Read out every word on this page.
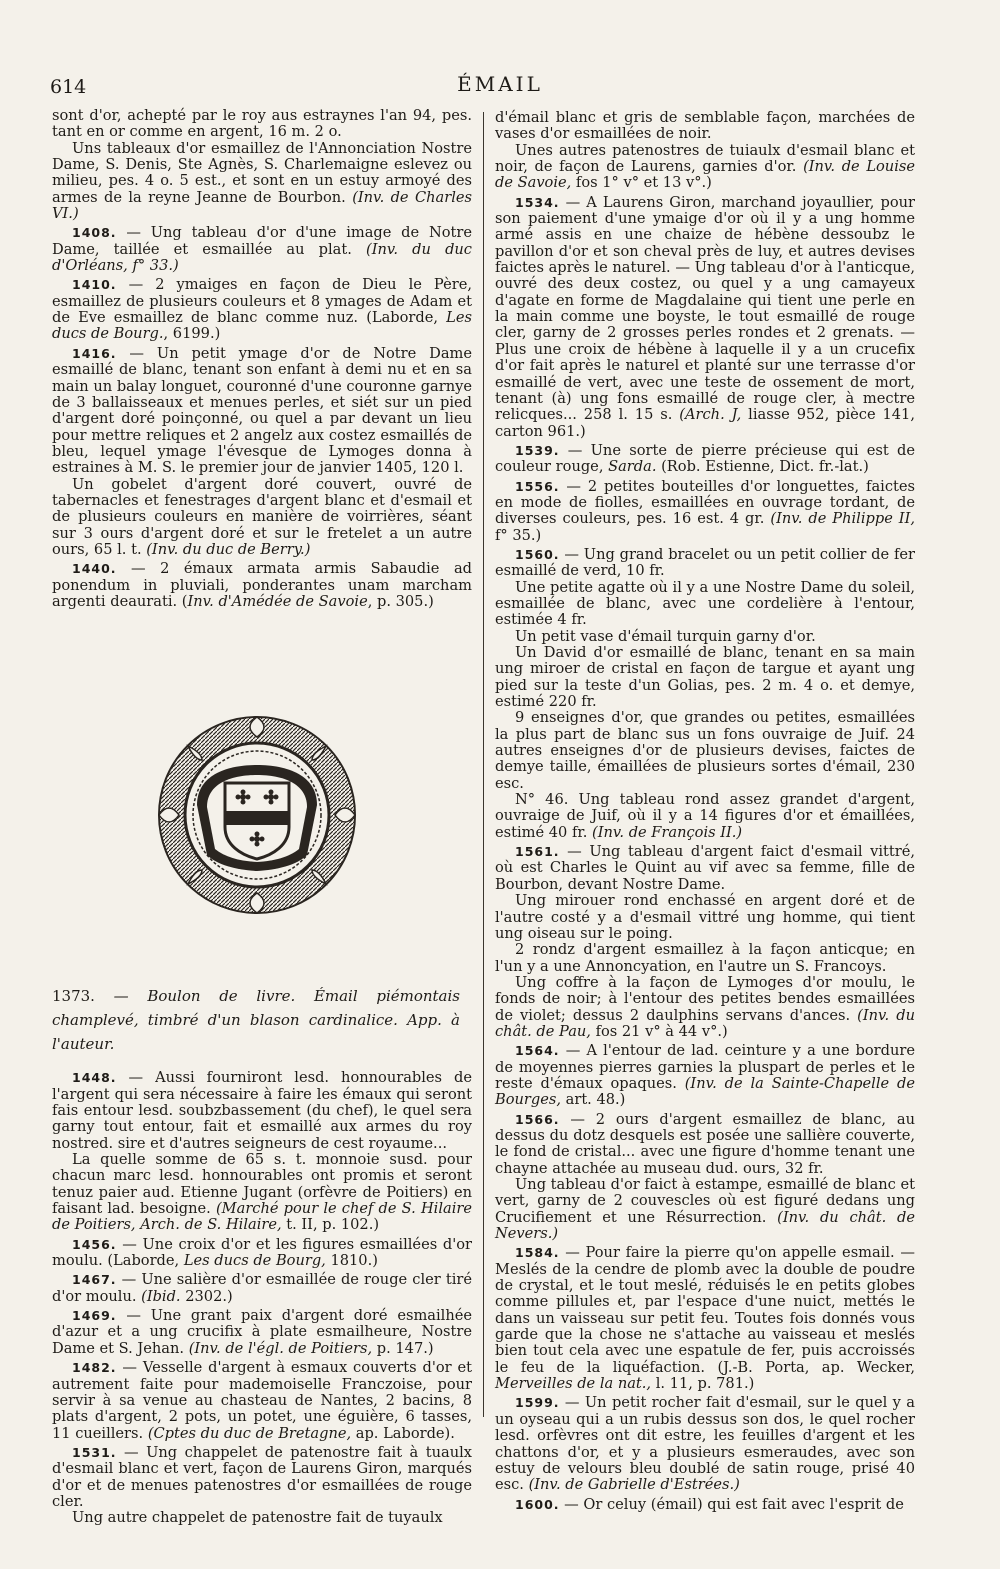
614	ÉMAIL

sont d'or, achepté par le roy aus estraynes l'an 94, pes. tant en or comme en argent, 16 m. 2 o.

Uns tableaux d'or esmaillez de l'Annonciation Nostre Dame, S. Denis, Ste Agnès, S. Charlemaigne eslevez ou milieu, pes. 4 o. 5 est., et sont en un estuy armoyé des armes de la reyne Jeanne de Bourbon. (Inv. de Charles VI.)

1408. — Ung tableau d'or d'une image de Notre Dame, taillée et esmaillée au plat. (Inv. du duc d'Orléans, f° 33.)

1410. — 2 ymaiges en façon de Dieu le Père, esmaillez de plusieurs couleurs et 8 ymages de Adam et de Eve esmaillez de blanc comme nuz. (Laborde, Les ducs de Bourg., 6199.)

1416. — Un petit ymage d'or de Notre Dame esmaillé de blanc, tenant son enfant à demi nu et en sa main un balay longuet, couronné d'une couronne garnye de 3 ballaisseaux et menues perles, et siét sur un pied d'argent doré poinçonné, ou quel a par devant un lieu pour mettre reliques et 2 angelz aux costez esmaillés de bleu, lequel ymage l'évesque de Lymoges donna à estraines à M. S. le premier jour de janvier 1405, 120 l.

Un gobelet d'argent doré couvert, ouvré de tabernacles et fenestrages d'argent blanc et d'esmail et de plusieurs couleurs en manière de voirrières, séant sur 3 ours d'argent doré et sur le fretelet a un autre ours, 65 l. t. (Inv. du duc de Berry.)

1440. — 2 émaux armata armis Sabaudie ad ponendum in pluviali, ponderantes unam marcham argenti deaurati. (Inv. d'Amédée de Savoie, p. 305.)

1373. — Boulon de livre. Émail piémontais champlevé, timbré d'un blason cardinalice. App. à l'auteur.

1448. — Aussi fourniront lesd. honnourables de l'argent qui sera nécessaire à faire les émaux qui seront fais entour lesd. soubzbassement (du chef), le quel sera garny tout entour, fait et esmaillé aux armes du roy nostred. sire et d'autres seigneurs de cest royaume...

La quelle somme de 65 s. t. monnoie susd. pour chacun marc lesd. honnourables ont promis et seront tenuz paier aud. Etienne Jugant (orfèvre de Poitiers) en faisant lad. besoigne. (Marché pour le chef de S. Hilaire de Poitiers, Arch. de S. Hilaire, t. II, p. 102.)

1456. — Une croix d'or et les figures esmaillées d'or moulu. (Laborde, Les ducs de Bourg, 1810.)

1467. — Une salière d'or esmaillée de rouge cler tiré d'or moulu. (Ibid. 2302.)

1469. — Une grant paix d'argent doré esmailhée d'azur et a ung crucifix à plate esmailheure, Nostre Dame et S. Jehan. (Inv. de l'égl. de Poitiers, p. 147.)

1482. — Vesselle d'argent à esmaux couverts d'or et autrement faite pour mademoiselle Franczoise, pour servir à sa venue au chasteau de Nantes, 2 bacins, 8 plats d'argent, 2 pots, un potet, une éguière, 6 tasses, 11 cueillers. (Cptes du duc de Bretagne, ap. Laborde).

1531. — Ung chappelet de patenostre fait à tuaulx d'esmail blanc et vert, façon de Laurens Giron, marqués d'or et de menues patenostres d'or esmaillées de rouge cler.

Ung autre chappelet de patenostre fait de tuyaulx

d'émail blanc et gris de semblable façon, marchées de vases d'or esmaillées de noir.

Unes autres patenostres de tuiaulx d'esmail blanc et noir, de façon de Laurens, garnies d'or. (Inv. de Louise de Savoie, fos 1° v° et 13 v°.)

1534. — A Laurens Giron, marchand joyaullier, pour son paiement d'une ymaige d'or où il y a ung homme armé assis en une chaize de hébène dessoubz le pavillon d'or et son cheval près de luy, et autres devises faictes après le naturel. — Ung tableau d'or à l'anticque, ouvré des deux costez, ou quel y a ung camayeux d'agate en forme de Magdalaine qui tient une perle en la main comme une boyste, le tout esmaillé de rouge cler, garny de 2 grosses perles rondes et 2 grenats. — Plus une croix de hébène à laquelle il y a un crucefix d'or fait après le naturel et planté sur une terrasse d'or esmaillé de vert, avec une teste de ossement de mort, tenant (à) ung fons esmaillé de rouge cler, à mectre relicques... 258 l. 15 s. (Arch. J, liasse 952, pièce 141, carton 961.)

1539. — Une sorte de pierre précieuse qui est de couleur rouge, Sarda. (Rob. Estienne, Dict. fr.-lat.)

1556. — 2 petites bouteilles d'or longuettes, faictes en mode de fiolles, esmaillées en ouvrage tordant, de diverses couleurs, pes. 16 est. 4 gr. (Inv. de Philippe II, f° 35.)

1560. — Ung grand bracelet ou un petit collier de fer esmaillé de verd, 10 fr.

Une petite agatte où il y a une Nostre Dame du soleil, esmaillée de blanc, avec une cordelière à l'entour, estimée 4 fr.

Un petit vase d'émail turquin garny d'or.

Un David d'or esmaillé de blanc, tenant en sa main ung miroer de cristal en façon de targue et ayant ung pied sur la teste d'un Golias, pes. 2 m. 4 o. et demye, estimé 220 fr.

9 enseignes d'or, que grandes ou petites, esmaillées la plus part de blanc sus un fons ouvraige de Juif. 24 autres enseignes d'or de plusieurs devises, faictes de demye taille, émaillées de plusieurs sortes d'émail, 230 esc.

N° 46. Ung tableau rond assez grandet d'argent, ouvraige de Juif, où il y a 14 figures d'or et émaillées, estimé 40 fr. (Inv. de François II.)

1561. — Ung tableau d'argent faict d'esmail vittré, où est Charles le Quint au vif avec sa femme, fille de Bourbon, devant Nostre Dame.

Ung mirouer rond enchassé en argent doré et de l'autre costé y a d'esmail vittré ung homme, qui tient ung oiseau sur le poing.

2 rondz d'argent esmaillez à la façon anticque; en l'un y a une Annoncyation, en l'autre un S. Francoys.

Ung coffre à la façon de Lymoges d'or moulu, le fonds de noir; à l'entour des petites bendes esmaillées de violet; dessus 2 daulphins servans d'ances. (Inv. du chât. de Pau, fos 21 v° à 44 v°.)

1564. — A l'entour de lad. ceinture y a une bordure de moyennes pierres garnies la pluspart de perles et le reste d'émaux opaques. (Inv. de la Sainte-Chapelle de Bourges, art. 48.)

1566. — 2 ours d'argent esmaillez de blanc, au dessus du dotz desquels est posée une sallière couverte, le fond de cristal... avec une figure d'homme tenant une chayne attachée au museau dud. ours, 32 fr.

Ung tableau d'or faict à estampe, esmaillé de blanc et vert, garny de 2 couvescles où est figuré dedans ung Crucifiement et une Résurrection. (Inv. du chât. de Nevers.)

1584. — Pour faire la pierre qu'on appelle esmail. — Meslés de la cendre de plomb avec la double de poudre de crystal, et le tout meslé, réduisés le en petits globes comme pillules et, par l'espace d'une nuict, mettés le dans un vaisseau sur petit feu. Toutes fois donnés vous garde que la chose ne s'attache au vaisseau et meslés bien tout cela avec une espatule de fer, puis accroissés le feu de la liquéfaction. (J.-B. Porta, ap. Wecker, Merveilles de la nat., l. 11, p. 781.)

1599. — Un petit rocher fait d'esmail, sur le quel y a un oyseau qui a un rubis dessus son dos, le quel rocher lesd. orfèvres ont dit estre, les feuilles d'argent et les chattons d'or, et y a plusieurs esmeraudes, avec son estuy de velours bleu doublé de satin rouge, prisé 40 esc. (Inv. de Gabrielle d'Estrées.)

1600. — Or celuy (émail) qui est fait avec l'esprit de
